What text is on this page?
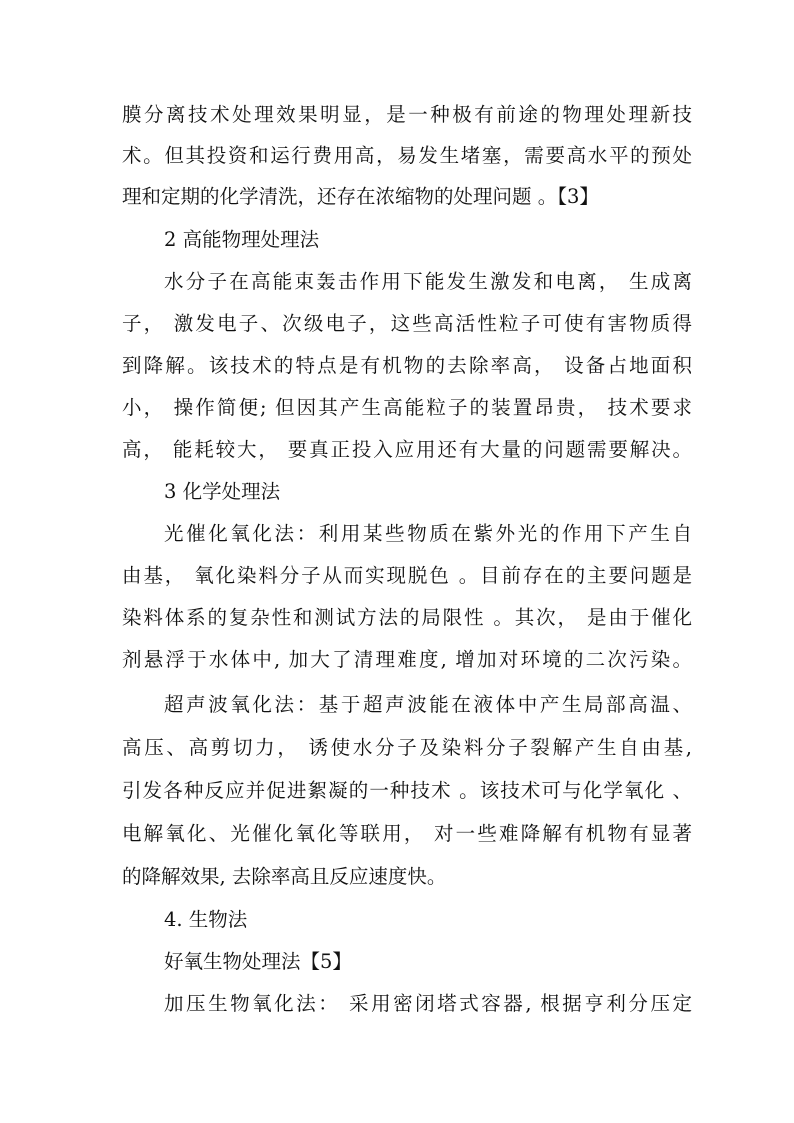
膜分离技术处理效果明显，是一种极有前途的物理处理新技
术。但其投资和运行费用高，易发生堵塞，需要高水平的预处
理和定期的化学清洗，还存在浓缩物的处理问题 。【3】
2 高能物理处理法
水分子在高能束轰击作用下能发生激发和电离， 生成离
子， 激发电子、次级电子，这些高活性粒子可使有害物质得
到降解。该技术的特点是有机物的去除率高， 设备占地面积
小， 操作简便; 但因其产生高能粒子的装置昂贵， 技术要求
高， 能耗较大， 要真正投入应用还有大量的问题需要解决。
3 化学处理法
光催化氧化法：利用某些物质在紫外光的作用下产生自
由基， 氧化染料分子从而实现脱色 。目前存在的主要问题是
染料体系的复杂性和测试方法的局限性 。其次， 是由于催化
剂悬浮于水体中, 加大了清理难度, 增加对环境的二次污染。
超声波氧化法：基于超声波能在液体中产生局部高温、
高压、高剪切力， 诱使水分子及染料分子裂解产生自由基,
引发各种反应并促进絮凝的一种技术 。该技术可与化学氧化 、
电解氧化、光催化氧化等联用， 对一些难降解有机物有显著
的降解效果, 去除率高且反应速度快。
4. 生物法
好氧生物处理法【5】
加压生物氧化法： 采用密闭塔式容器, 根据亨利分压定
